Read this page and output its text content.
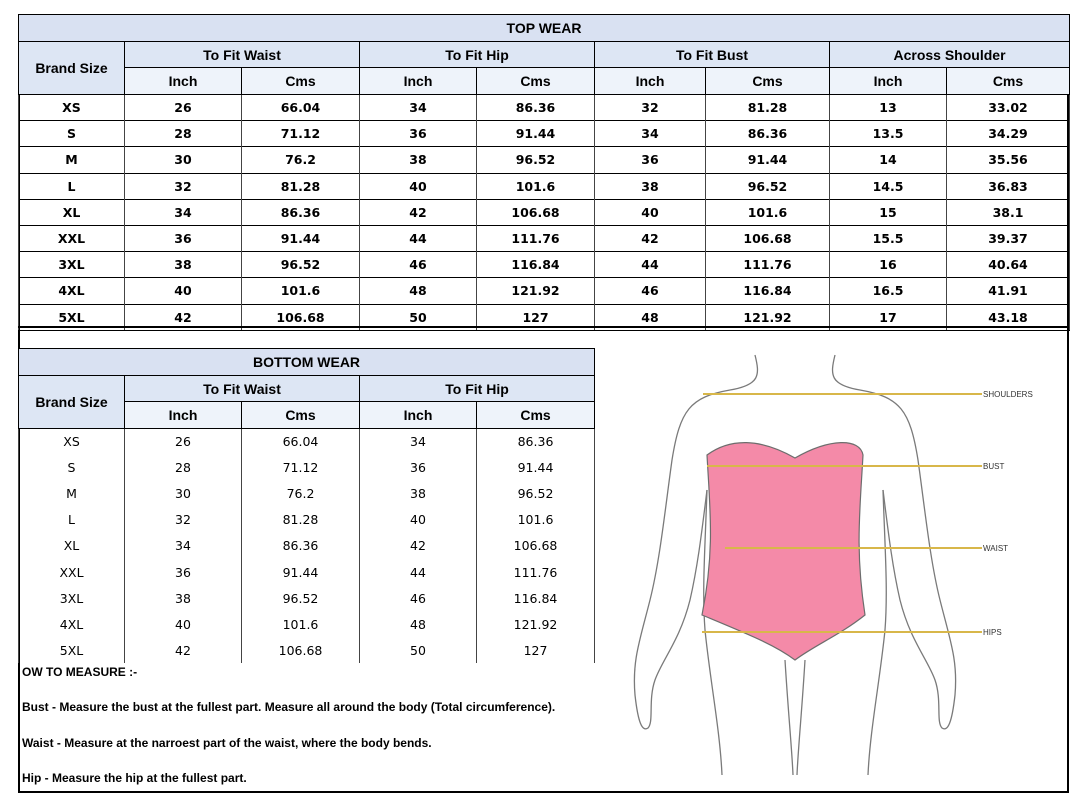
TOP WEAR								
Brand Size	To Fit Waist		To Fit Hip		To Fit Bust		Across Shoulder	
	Inch	Cms	Inch	Cms	Inch	Cms	Inch	Cms
XS	26	66.04	34	86.36	32	81.28	13	33.02
S	28	71.12	36	91.44	34	86.36	13.5	34.29
M	30	76.2	38	96.52	36	91.44	14	35.56
L	32	81.28	40	101.6	38	96.52	14.5	36.83
XL	34	86.36	42	106.68	40	101.6	15	38.1
XXL	36	91.44	44	111.76	42	106.68	15.5	39.37
3XL	38	96.52	46	116.84	44	111.76	16	40.64
4XL	40	101.6	48	121.92	46	116.84	16.5	41.91
5XL	42	106.68	50	127	48	121.92	17	43.18
BOTTOM WEAR				
Brand Size	To Fit Waist		To Fit Hip	
	Inch	Cms	Inch	Cms
XS	26	66.04	34	86.36
S	28	71.12	36	91.44
M	30	76.2	38	96.52
L	32	81.28	40	101.6
XL	34	86.36	42	106.68
XXL	36	91.44	44	111.76
3XL	38	96.52	46	116.84
4XL	40	101.6	48	121.92
5XL	42	106.68	50	127
OW TO MEASURE :-
Bust - Measure the bust at the fullest part. Measure all around the body (Total circumference).
Waist - Measure at the narroest part of the waist, where the body bends.
Hip - Measure the hip at the fullest part.
SHOULDERS
BUST
WAIST
HIPS
